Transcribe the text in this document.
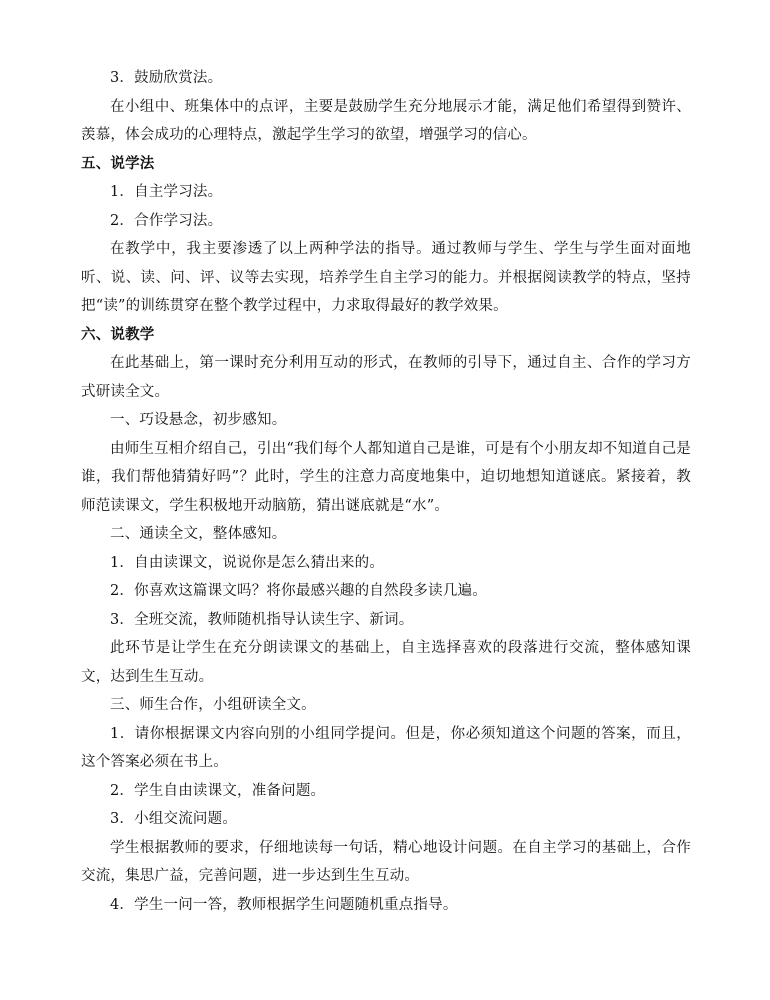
3．鼓励欣赏法。

在小组中、班集体中的点评，主要是鼓励学生充分地展示才能，满足他们希望得到赞许、羡慕，体会成功的心理特点，激起学生学习的欲望，增强学习的信心。

五、说学法

1．自主学习法。

2．合作学习法。

在教学中，我主要渗透了以上两种学法的指导。通过教师与学生、学生与学生面对面地听、说、读、问、评、议等去实现，培养学生自主学习的能力。并根据阅读教学的特点，坚持把“读”的训练贯穿在整个教学过程中，力求取得最好的教学效果。

六、说教学

在此基础上，第一课时充分利用互动的形式，在教师的引导下，通过自主、合作的学习方式研读全文。

一、巧设悬念，初步感知。

由师生互相介绍自己，引出“我们每个人都知道自己是谁，可是有个小朋友却不知道自己是谁，我们帮他猜猜好吗”？此时，学生的注意力高度地集中，迫切地想知道谜底。紧接着，教师范读课文，学生积极地开动脑筋，猜出谜底就是“水”。

二、通读全文，整体感知。

1．自由读课文，说说你是怎么猜出来的。

2．你喜欢这篇课文吗？将你最感兴趣的自然段多读几遍。

3．全班交流，教师随机指导认读生字、新词。

此环节是让学生在充分朗读课文的基础上，自主选择喜欢的段落进行交流，整体感知课文，达到生生互动。

三、师生合作，小组研读全文。

1．请你根据课文内容向别的小组同学提问。但是，你必须知道这个问题的答案，而且，这个答案必须在书上。

2．学生自由读课文，准备问题。

3．小组交流问题。

学生根据教师的要求，仔细地读每一句话，精心地设计问题。在自主学习的基础上，合作交流，集思广益，完善问题，进一步达到生生互动。

4．学生一问一答，教师根据学生问题随机重点指导。
